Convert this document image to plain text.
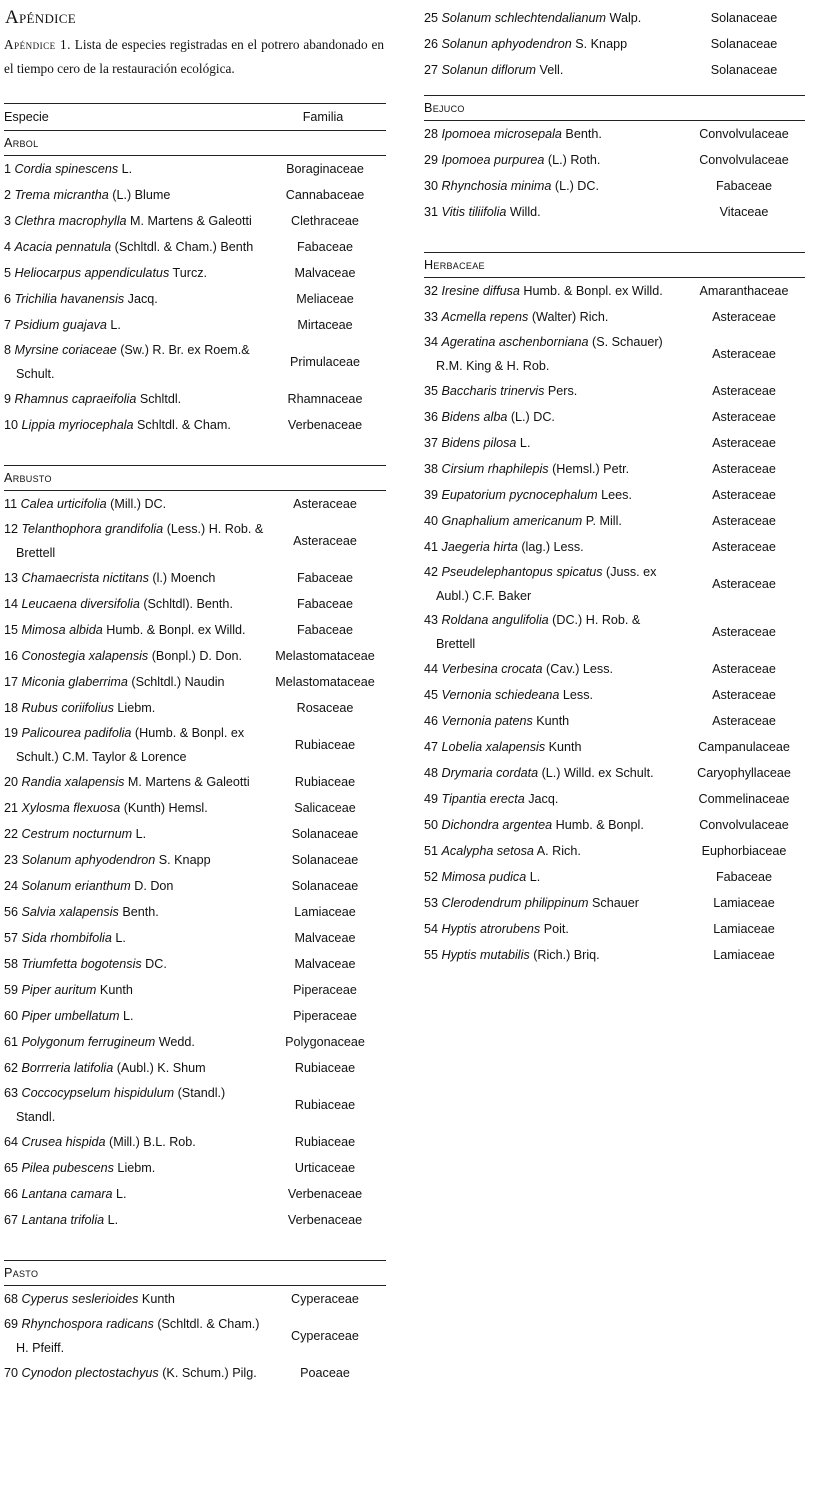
Apéndice

Apéndice 1. Lista de especies registradas en el potrero abandonado en el tiempo cero de la restauración ecológica.

Especie	Familia
Arbol
1 Cordia spinescens L.	Boraginaceae
2 Trema micrantha (L.) Blume	Cannabaceae
3 Clethra macrophylla M. Martens & Galeotti	Clethraceae
4 Acacia pennatula (Schltdl. & Cham.) Benth	Fabaceae
5 Heliocarpus appendiculatus Turcz.	Malvaceae
6 Trichilia havanensis Jacq.	Meliaceae
7 Psidium guajava L.	Mirtaceae
8 Myrsine coriaceae (Sw.) R. Br. ex Roem.& Schult.
Primulaceae
9 Rhamnus capraeifolia Schltdl.	Rhamnaceae
10 Lippia myriocephala Schltdl. & Cham.	Verbenaceae
Arbusto
11 Calea urticifolia (Mill.) DC.	Asteraceae
12 Telanthophora grandifolia (Less.) H. Rob. & Brettell
Asteraceae
13 Chamaecrista nictitans (l.) Moench	Fabaceae
14 Leucaena diversifolia (Schltdl). Benth.	Fabaceae
15 Mimosa albida Humb. & Bonpl. ex Willd.	Fabaceae
16 Conostegia xalapensis (Bonpl.) D. Don.	Melastomataceae
17 Miconia glaberrima (Schltdl.) Naudin	Melastomataceae
18 Rubus coriifolius Liebm.	Rosaceae
19 Palicourea padifolia (Humb. & Bonpl. ex Schult.) C.M. Taylor & Lorence
Rubiaceae
20 Randia xalapensis M. Martens & Galeotti	Rubiaceae
21 Xylosma flexuosa (Kunth) Hemsl.	Salicaceae
22 Cestrum nocturnum L.	Solanaceae
23 Solanum aphyodendron S. Knapp	Solanaceae
24 Solanum erianthum D. Don	Solanaceae
56 Salvia xalapensis Benth.	Lamiaceae
57 Sida rhombifolia L.	Malvaceae
58 Triumfetta bogotensis DC.	Malvaceae
59 Piper auritum Kunth	Piperaceae
60 Piper umbellatum L.	Piperaceae
61 Polygonum ferrugineum Wedd.	Polygonaceae
62 Borrreria latifolia (Aubl.) K. Shum	Rubiaceae
63 Coccocypselum hispidulum (Standl.) Standl.
Rubiaceae
64 Crusea hispida (Mill.) B.L. Rob.	Rubiaceae
65 Pilea pubescens Liebm.	Urticaceae
66 Lantana camara L.	Verbenaceae
67 Lantana trifolia L.	Verbenaceae
Pasto
68 Cyperus seslerioides Kunth	Cyperaceae
69 Rhynchospora radicans (Schltdl. & Cham.) H. Pfeiff.
Cyperaceae
70 Cynodon plectostachyus (K. Schum.) Pilg.	Poaceae
25 Solanum schlechtendalianum Walp.	Solanaceae
26 Solanun aphyodendron S. Knapp	Solanaceae
27 Solanun diflorum Vell.	Solanaceae
Bejuco
28 Ipomoea microsepala Benth.	Convolvulaceae
29 Ipomoea purpurea (L.) Roth.	Convolvulaceae
30 Rhynchosia minima (L.) DC.	Fabaceae
31 Vitis tiliifolia Willd.	Vitaceae
Herbaceae
32 Iresine diffusa Humb. & Bonpl. ex Willd.	Amaranthaceae
33 Acmella repens (Walter) Rich.	Asteraceae
34 Ageratina aschenborniana (S. Schauer) R.M. King & H. Rob.
Asteraceae
35 Baccharis trinervis Pers.	Asteraceae
36 Bidens alba (L.) DC.	Asteraceae
37 Bidens pilosa L.	Asteraceae
38 Cirsium rhaphilepis (Hemsl.) Petr.	Asteraceae
39 Eupatorium pycnocephalum Lees.	Asteraceae
40 Gnaphalium americanum P. Mill.	Asteraceae
41 Jaegeria hirta (lag.) Less.	Asteraceae
42 Pseudelephantopus spicatus (Juss. ex Aubl.) C.F. Baker
Asteraceae
43 Roldana angulifolia (DC.) H. Rob. & Brettell
Asteraceae
44 Verbesina crocata (Cav.) Less.	Asteraceae
45 Vernonia schiedeana Less.	Asteraceae
46 Vernonia patens Kunth	Asteraceae
47 Lobelia xalapensis Kunth	Campanulaceae
48 Drymaria cordata (L.) Willd. ex Schult.	Caryophyllaceae
49 Tipantia erecta Jacq.	Commelinaceae
50 Dichondra argentea Humb. & Bonpl.	Convolvulaceae
51 Acalypha setosa A. Rich.	Euphorbiaceae
52 Mimosa pudica L.	Fabaceae
53 Clerodendrum philippinum Schauer	Lamiaceae
54 Hyptis atrorubens Poit.	Lamiaceae
55 Hyptis mutabilis (Rich.) Briq.	Lamiaceae
